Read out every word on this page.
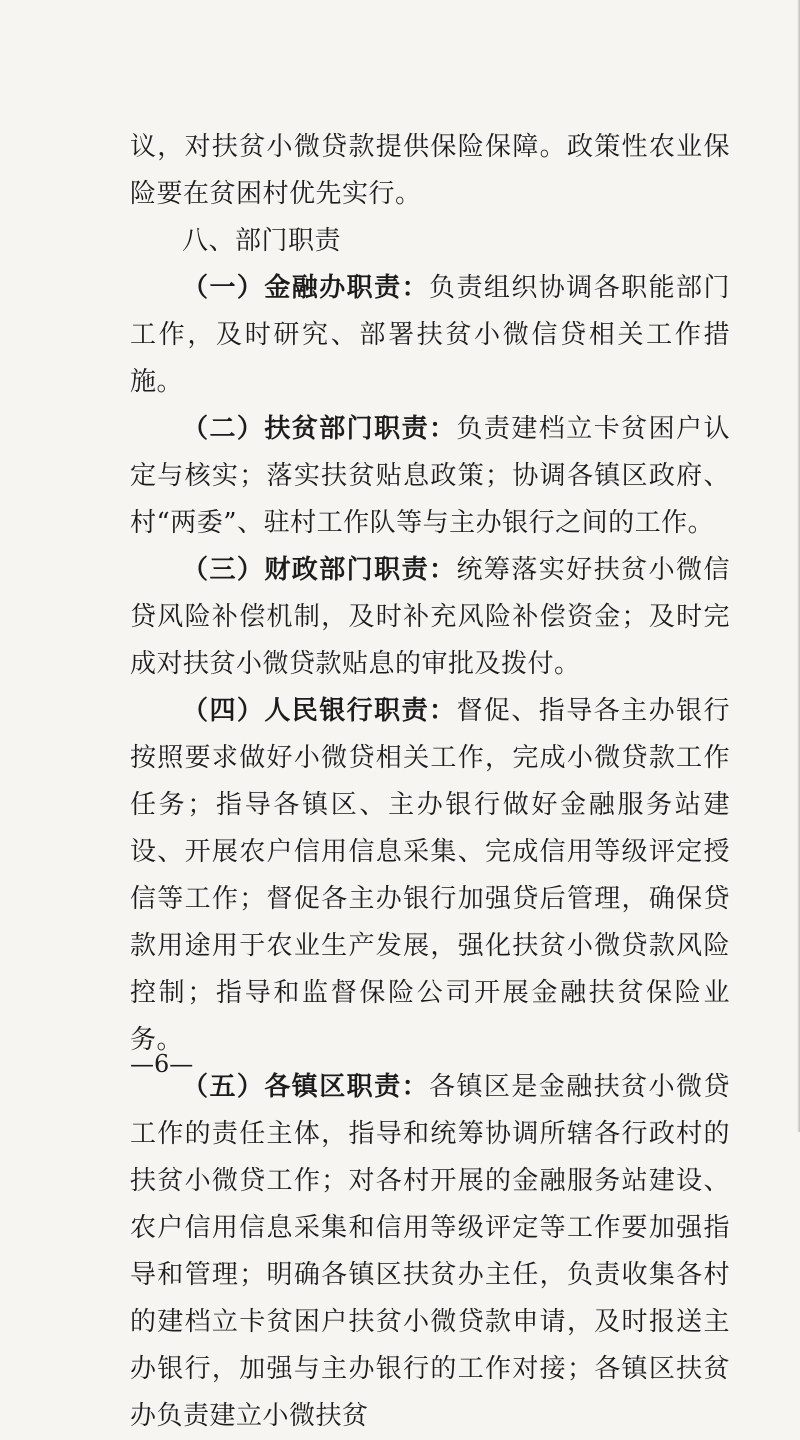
议，对扶贫小微贷款提供保险保障。政策性农业保险要在贫困村优先实行。

八、部门职责

（一）金融办职责：负责组织协调各职能部门工作，及时研究、部署扶贫小微信贷相关工作措施。

（二）扶贫部门职责：负责建档立卡贫困户认定与核实；落实扶贫贴息政策；协调各镇区政府、村“两委”、驻村工作队等与主办银行之间的工作。

（三）财政部门职责：统筹落实好扶贫小微信贷风险补偿机制，及时补充风险补偿资金；及时完成对扶贫小微贷款贴息的审批及拨付。

（四）人民银行职责：督促、指导各主办银行按照要求做好小微贷相关工作，完成小微贷款工作任务；指导各镇区、主办银行做好金融服务站建设、开展农户信用信息采集、完成信用等级评定授信等工作；督促各主办银行加强贷后管理，确保贷款用途用于农业生产发展，强化扶贫小微贷款风险控制；指导和监督保险公司开展金融扶贫保险业务。

（五）各镇区职责：各镇区是金融扶贫小微贷工作的责任主体，指导和统筹协调所辖各行政村的扶贫小微贷工作；对各村开展的金融服务站建设、农户信用信息采集和信用等级评定等工作要加强指导和管理；明确各镇区扶贫办主任，负责收集各村的建档立卡贫困户扶贫小微贷款申请，及时报送主办银行，加强与主办银行的工作对接；各镇区扶贫办负责建立小微扶贫

—6—
